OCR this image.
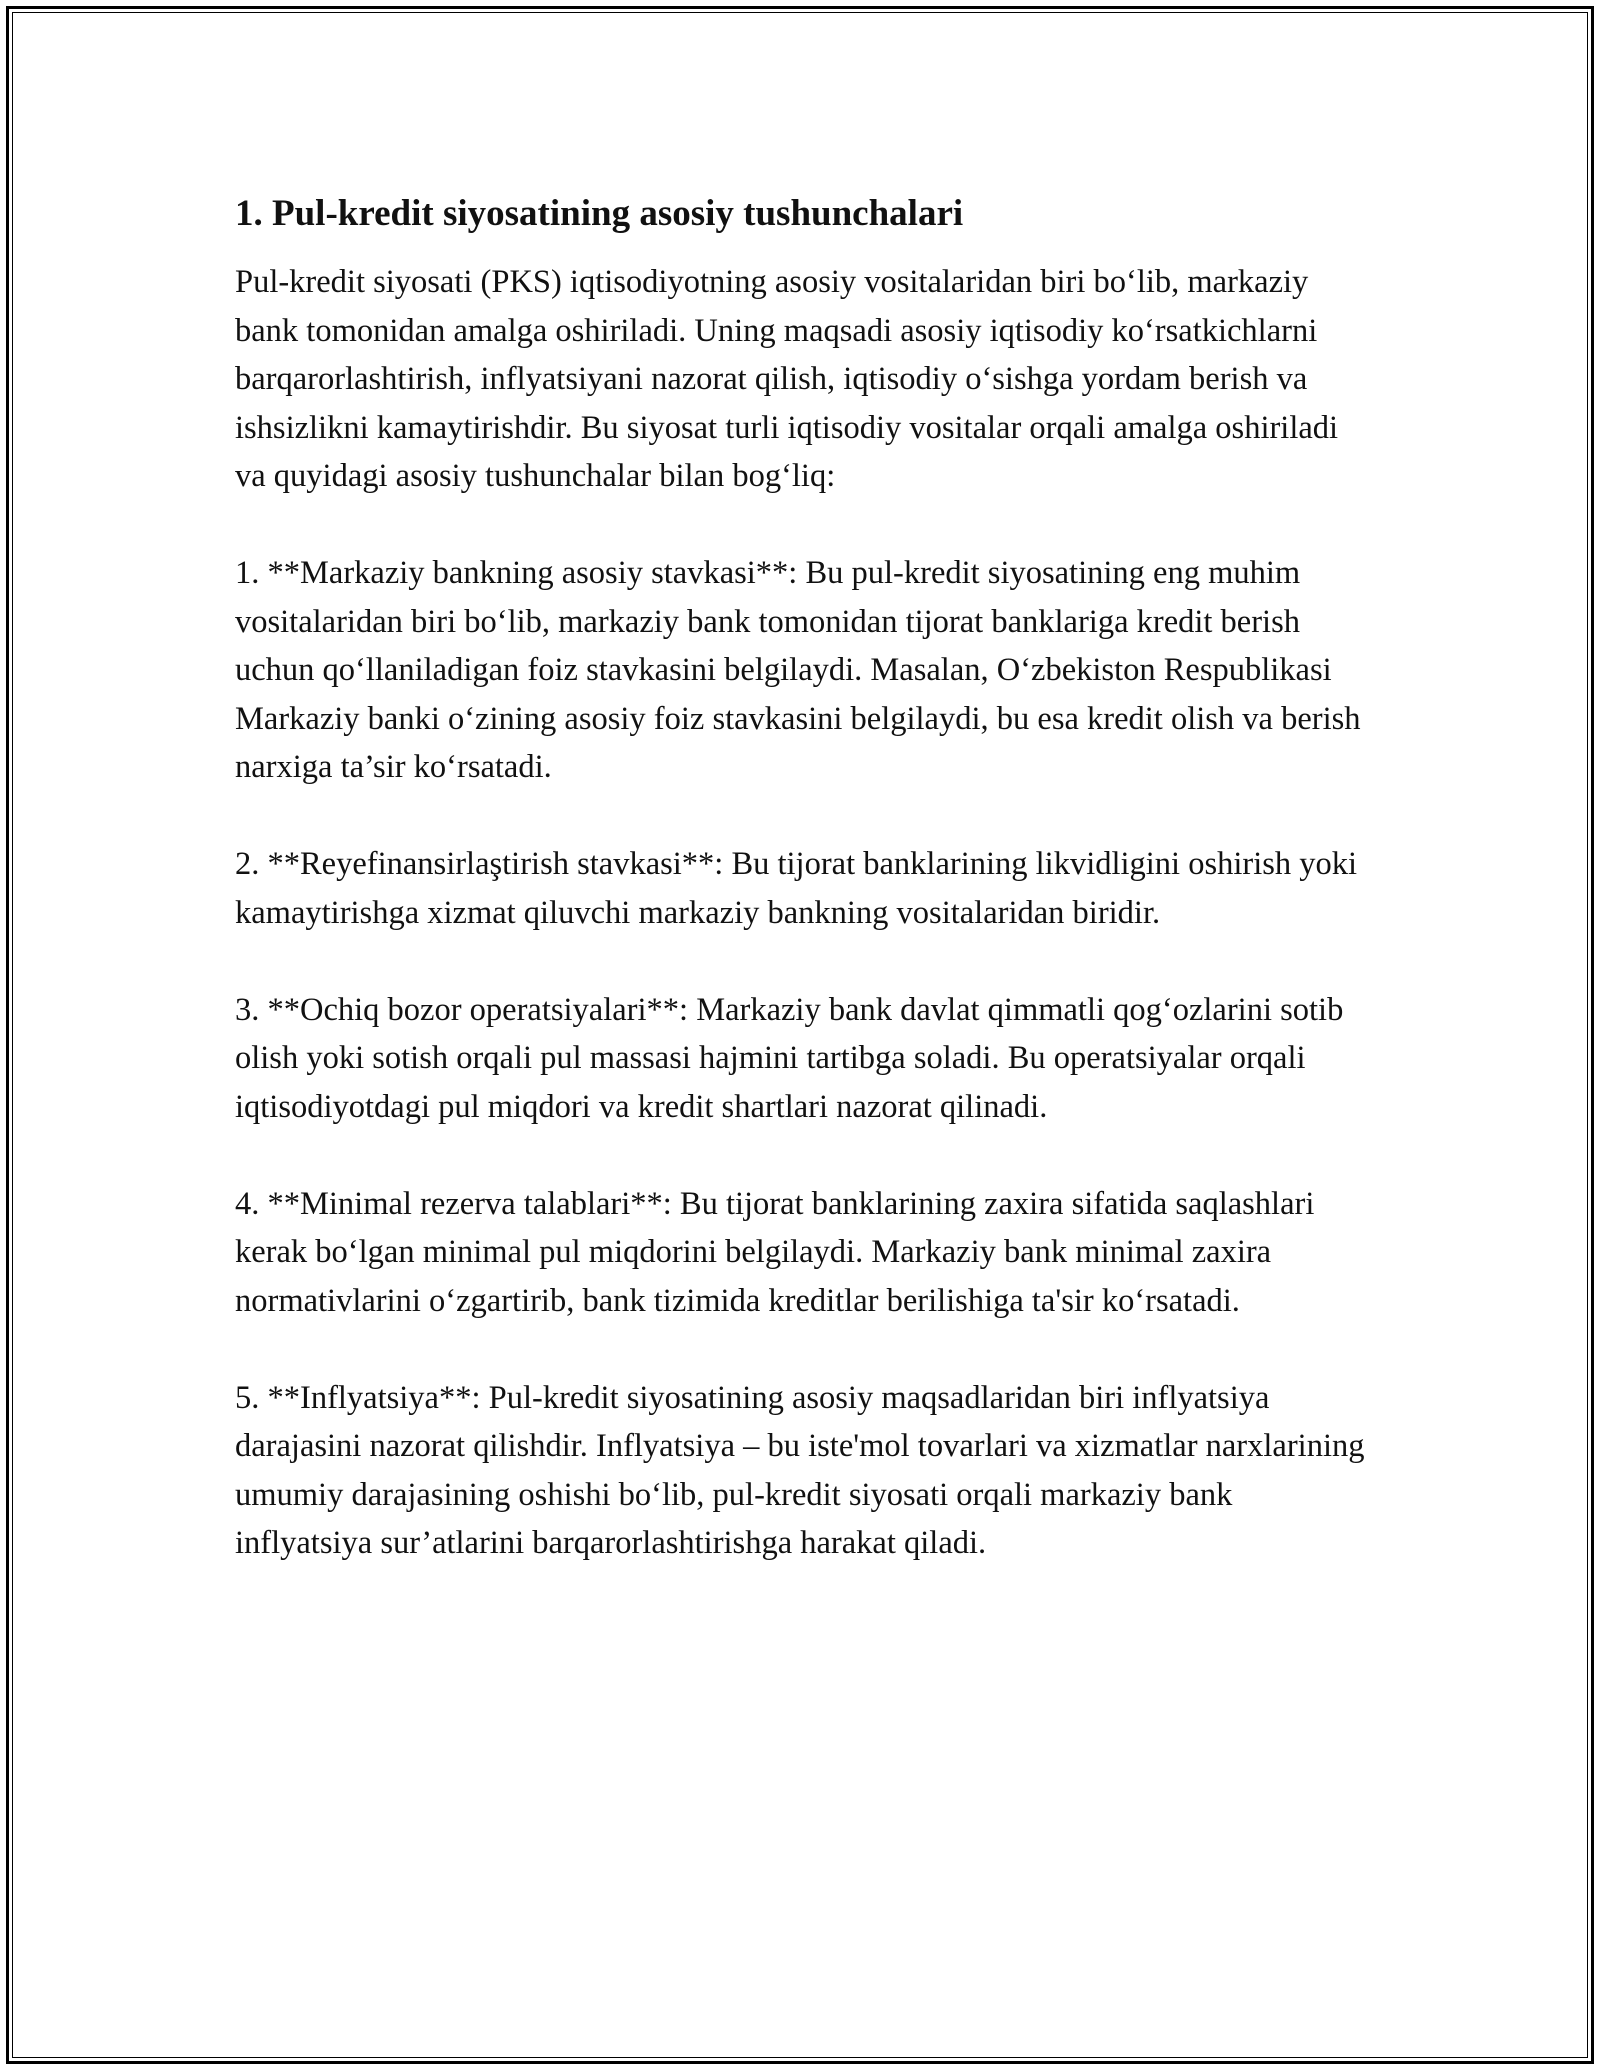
1. Pul-kredit siyosatining asosiy tushunchalari

Pul-kredit siyosati (PKS) iqtisodiyotning asosiy vositalaridan biri bo‘lib, markaziy bank tomonidan amalga oshiriladi. Uning maqsadi asosiy iqtisodiy ko‘rsatkichlarni barqarorlashtirish, inflyatsiyani nazorat qilish, iqtisodiy o‘sishga yordam berish va ishsizlikni kamaytirishdir. Bu siyosat turli iqtisodiy vositalar orqali amalga oshiriladi va quyidagi asosiy tushunchalar bilan bog‘liq:

1. **Markaziy bankning asosiy stavkasi**: Bu pul-kredit siyosatining eng muhim vositalaridan biri bo‘lib, markaziy bank tomonidan tijorat banklariga kredit berish uchun qo‘llaniladigan foiz stavkasini belgilaydi. Masalan, O‘zbekiston Respublikasi Markaziy banki o‘zining asosiy foiz stavkasini belgilaydi, bu esa kredit olish va berish narxiga ta’sir ko‘rsatadi.

2. **Reyefinansirlaştirish stavkasi**: Bu tijorat banklarining likvidligini oshirish yoki kamaytirishga xizmat qiluvchi markaziy bankning vositalaridan biridir.

3. **Ochiq bozor operatsiyalari**: Markaziy bank davlat qimmatli qog‘ozlarini sotib olish yoki sotish orqali pul massasi hajmini tartibga soladi. Bu operatsiyalar orqali iqtisodiyotdagi pul miqdori va kredit shartlari nazorat qilinadi.

4. **Minimal rezerva talablari**: Bu tijorat banklarining zaxira sifatida saqlashlari kerak bo‘lgan minimal pul miqdorini belgilaydi. Markaziy bank minimal zaxira normativlarini o‘zgartirib, bank tizimida kreditlar berilishiga ta'sir ko‘rsatadi.

5. **Inflyatsiya**: Pul-kredit siyosatining asosiy maqsadlaridan biri inflyatsiya darajasini nazorat qilishdir. Inflyatsiya – bu iste'mol tovarlari va xizmatlar narxlarining umumiy darajasining oshishi bo‘lib, pul-kredit siyosati orqali markaziy bank inflyatsiya sur’atlarini barqarorlashtirishga harakat qiladi.
